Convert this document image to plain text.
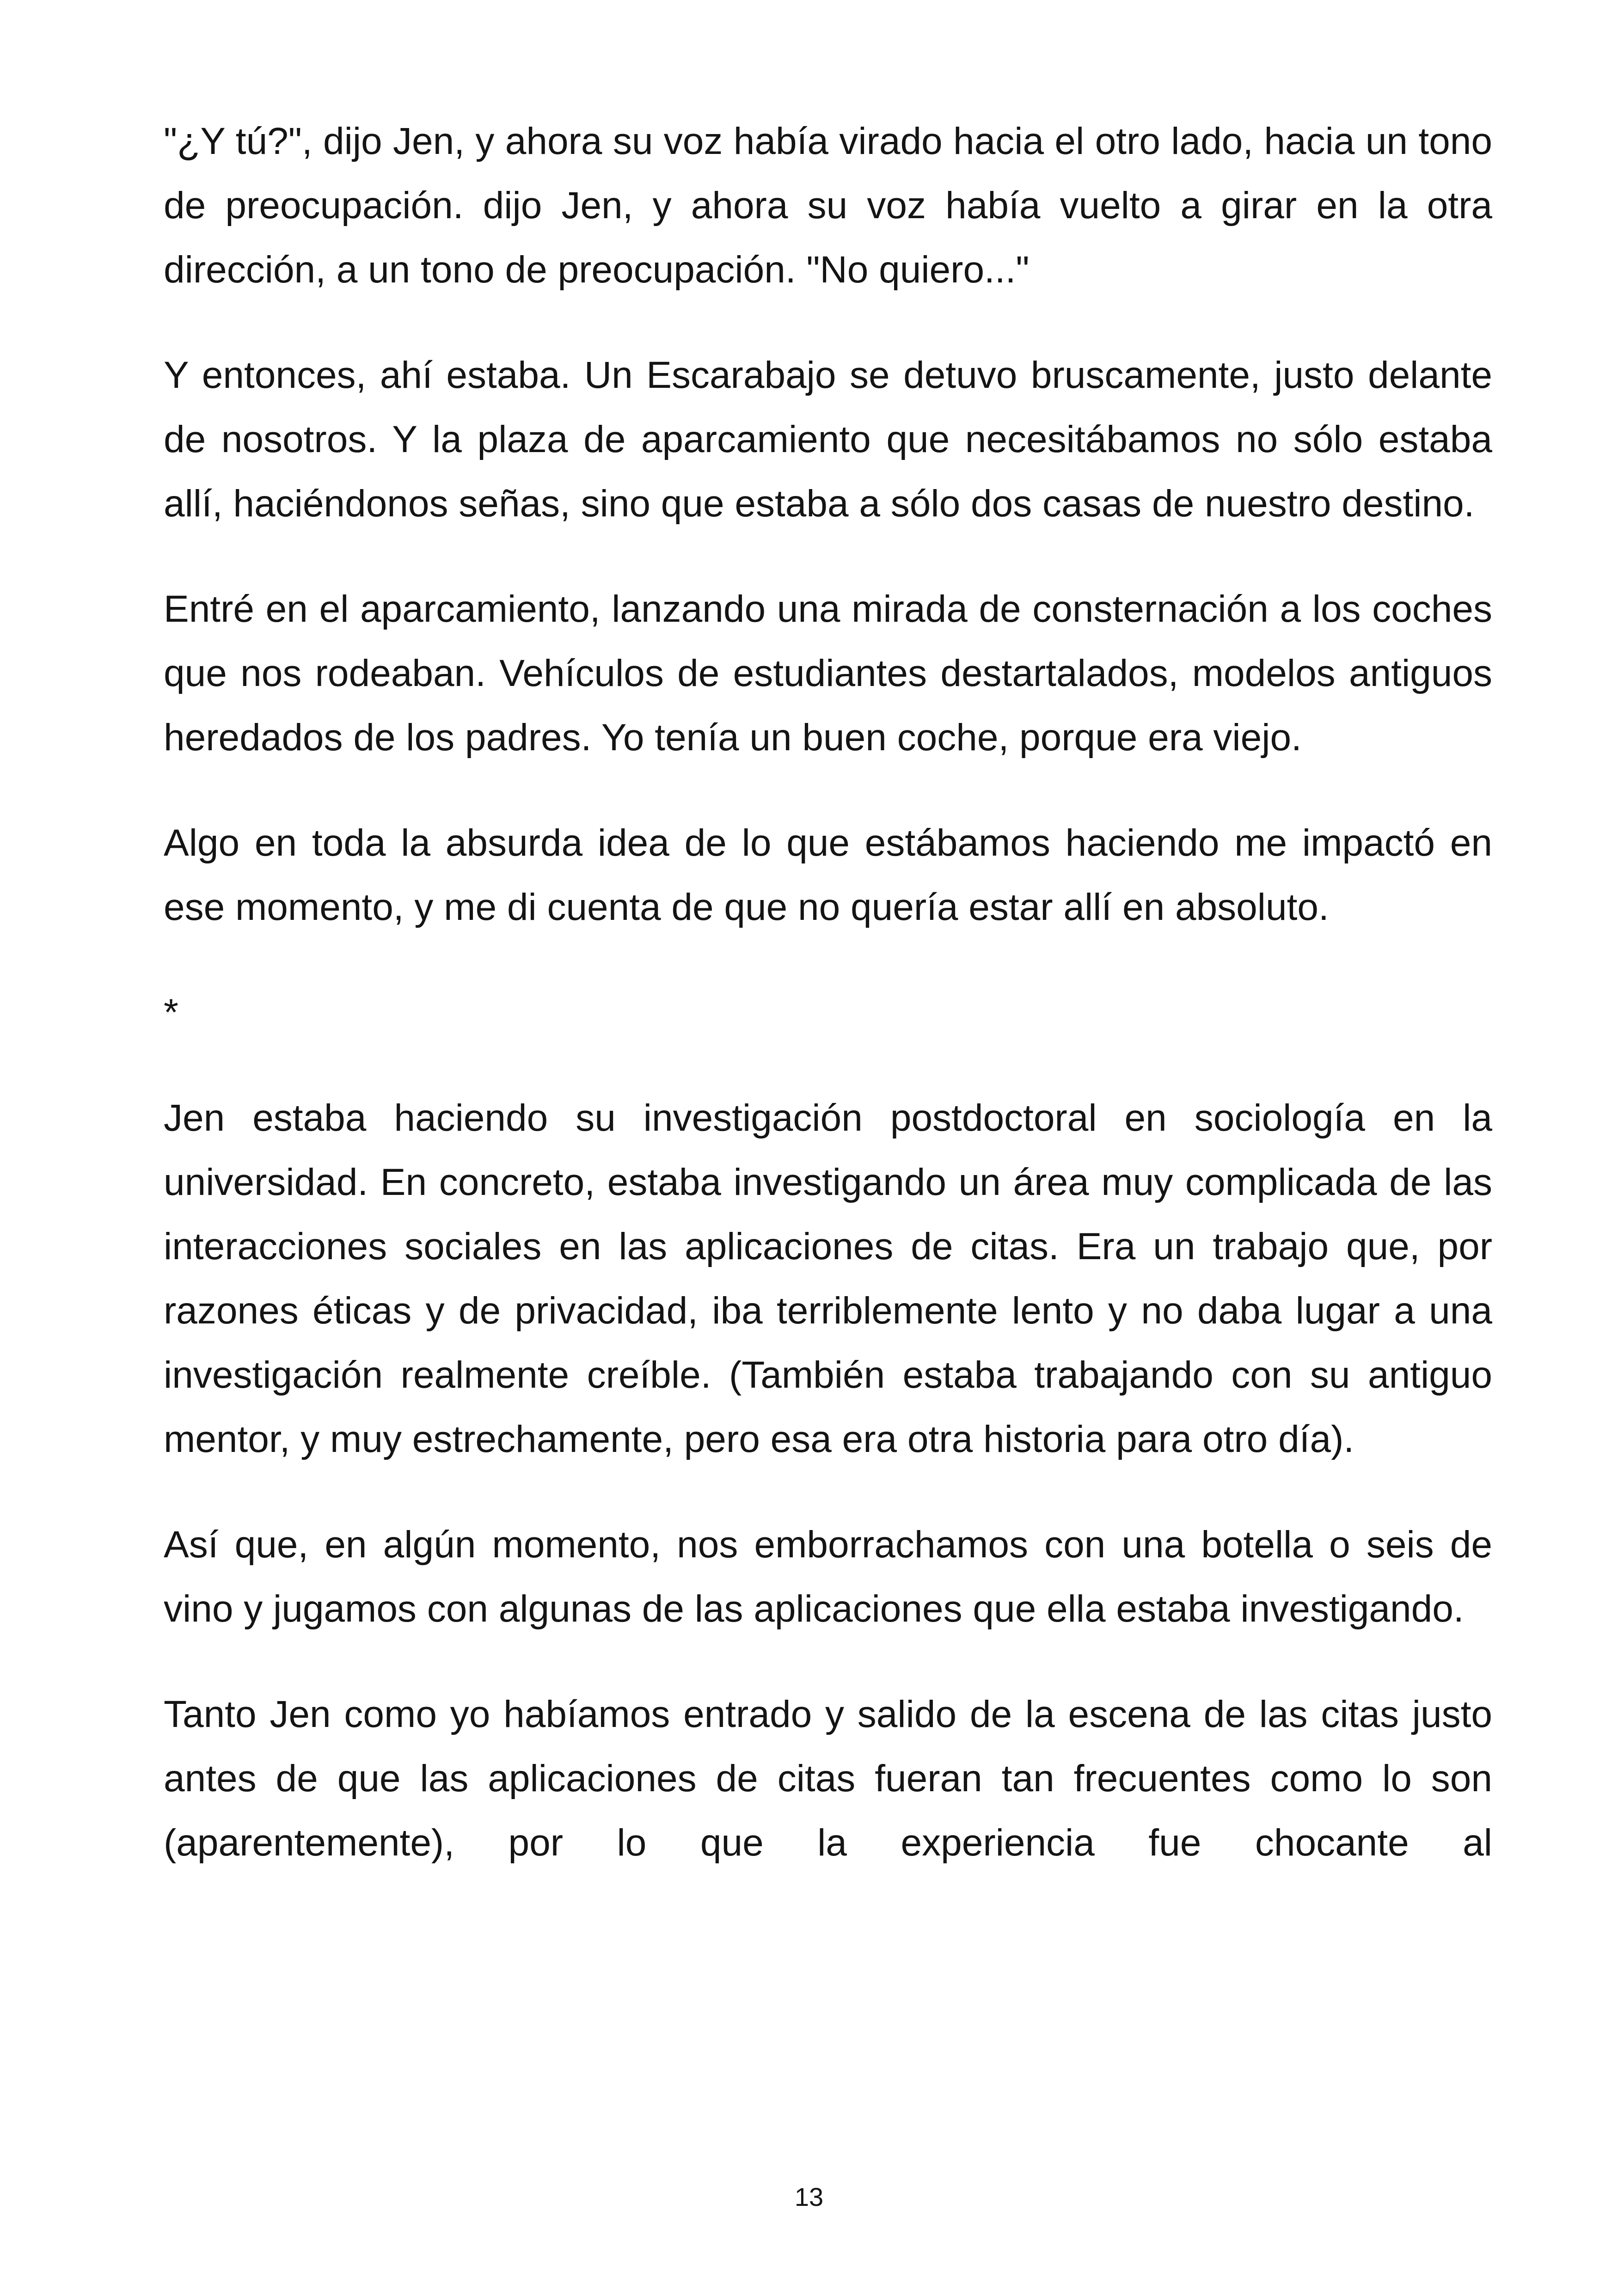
"¿Y tú?", dijo Jen, y ahora su voz había virado hacia el otro lado, hacia un tono de preocupación. dijo Jen, y ahora su voz había vuelto a girar en la otra dirección, a un tono de preocupación. "No quiero..."

Y entonces, ahí estaba. Un Escarabajo se detuvo bruscamente, justo delante de nosotros. Y la plaza de aparcamiento que necesitábamos no sólo estaba allí, haciéndonos señas, sino que estaba a sólo dos casas de nuestro destino.

Entré en el aparcamiento, lanzando una mirada de consternación a los coches que nos rodeaban. Vehículos de estudiantes destartalados, modelos antiguos heredados de los padres. Yo tenía un buen coche, porque era viejo.

Algo en toda la absurda idea de lo que estábamos haciendo me impactó en ese momento, y me di cuenta de que no quería estar allí en absoluto.

*

Jen estaba haciendo su investigación postdoctoral en sociología en la universidad. En concreto, estaba investigando un área muy complicada de las interacciones sociales en las aplicaciones de citas. Era un trabajo que, por razones éticas y de privacidad, iba terriblemente lento y no daba lugar a una investigación realmente creíble. (También estaba trabajando con su antiguo mentor, y muy estrechamente, pero esa era otra historia para otro día).

Así que, en algún momento, nos emborrachamos con una botella o seis de vino y jugamos con algunas de las aplicaciones que ella estaba investigando.

Tanto Jen como yo habíamos entrado y salido de la escena de las citas justo antes de que las aplicaciones de citas fueran tan frecuentes como lo son (aparentemente), por lo que la experiencia fue chocante al

13
